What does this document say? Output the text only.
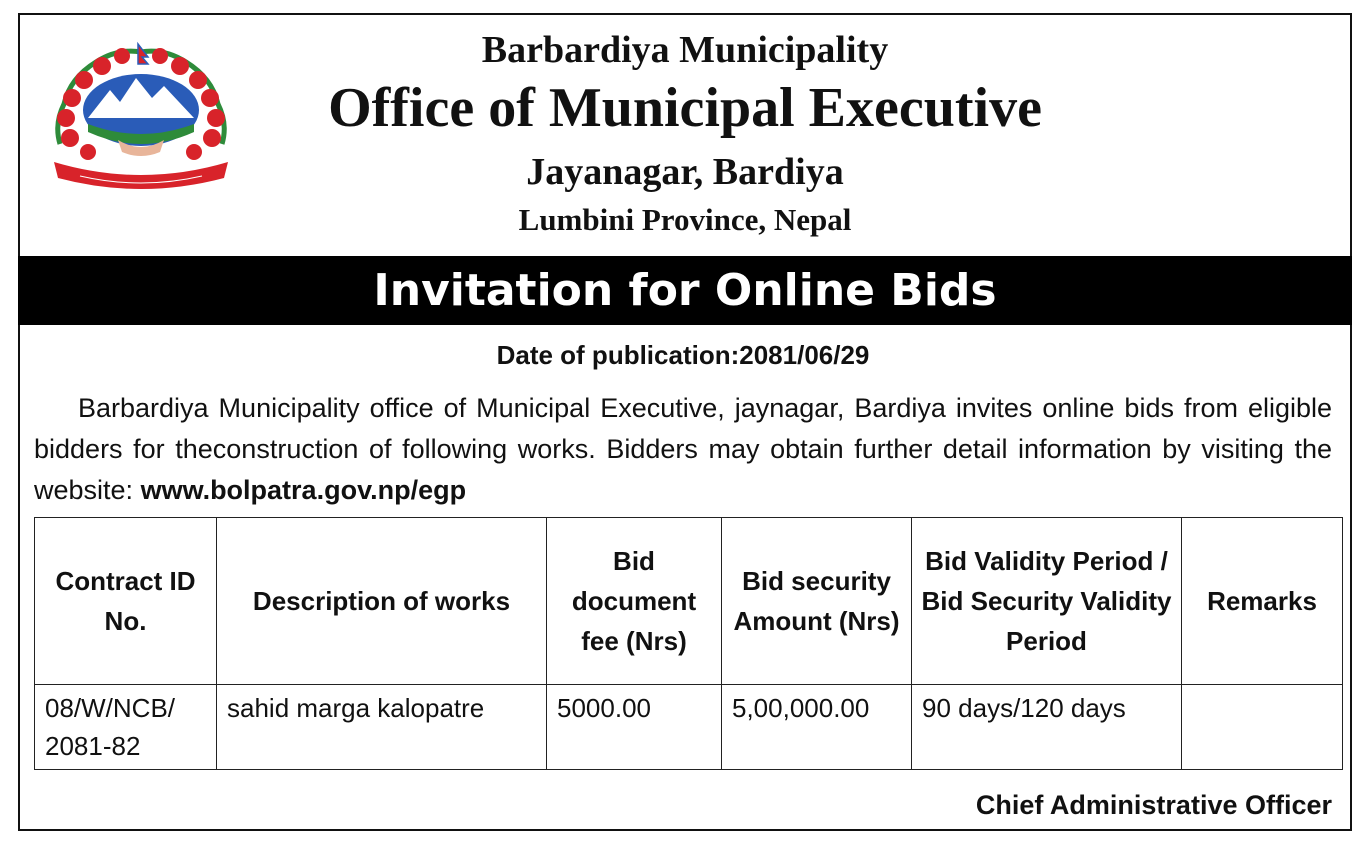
Barbardiya Municipality
Office of Municipal Executive
Jayanagar, Bardiya
Lumbini Province, Nepal
Invitation for Online Bids
Date of publication:2081/06/29
Barbardiya Municipality office of Municipal Executive, jaynagar, Bardiya invites online bids from eligible bidders for theconstruction of following works. Bidders may obtain further detail information by visiting the website: www.bolpatra.gov.np/egp
Contract ID No.	Description of works	Bid document fee (Nrs)	Bid security Amount (Nrs)	Bid Validity Period / Bid Security Validity Period	Remarks
08/W/NCB/ 2081-82	sahid marga kalopatre	5000.00	5,00,000.00	90 days/120 days	
Chief Administrative Officer
